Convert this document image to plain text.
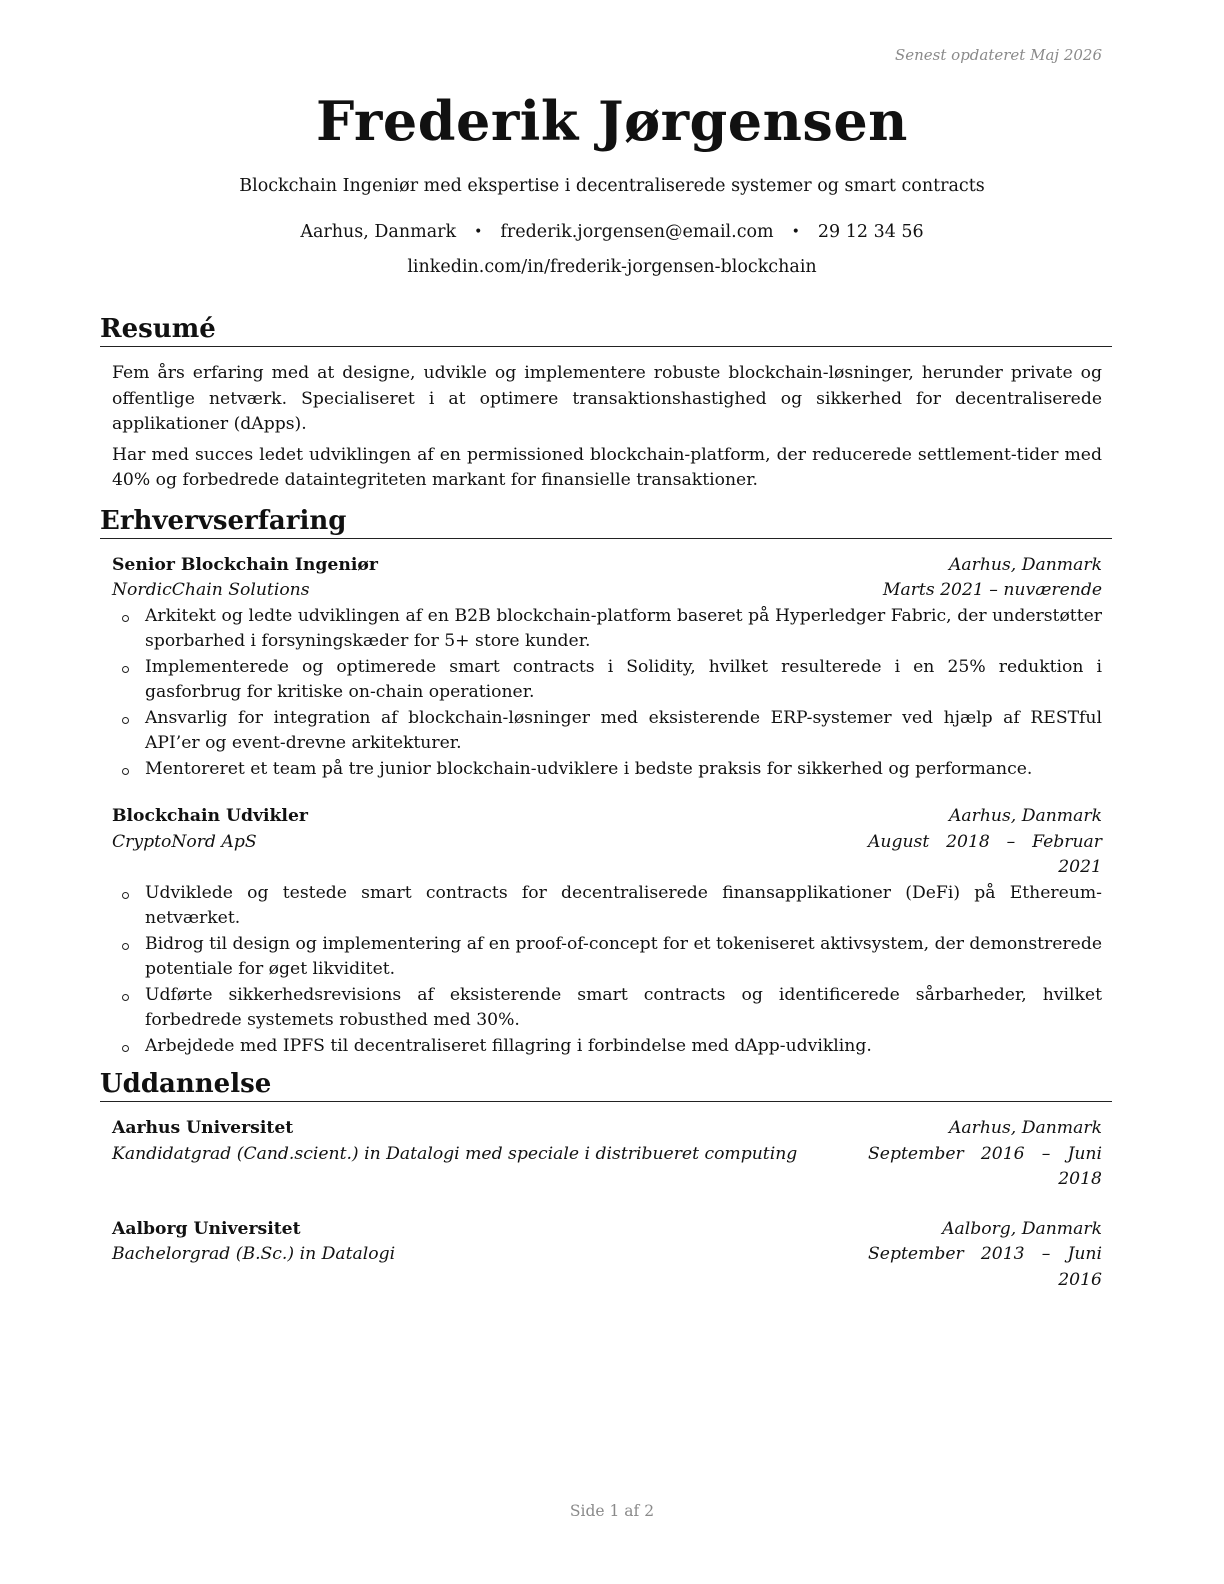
Senest opdateret Maj 2026
Frederik Jørgensen
Blockchain Ingeniør med ekspertise i decentraliserede systemer og smart contracts
Aarhus, Danmark • frederik.jorgensen@email.com • 29 12 34 56
linkedin.com/in/frederik-jorgensen-blockchain
Resumé

Fem års erfaring med at designe, udvikle og implementere robuste blockchain-løsninger, herunder private og offentlige netværk. Specialiseret i at optimere transaktionshastighed og sikkerhed for decentraliserede applikationer (dApps).

Har med succes ledet udviklingen af en permissioned blockchain-platform, der reducerede settlement-tider med 40% og forbedrede dataintegriteten markant for finansielle transaktioner.

Erhvervserfaring
Senior Blockchain Ingeniør	Aarhus, Danmark
NordicChain Solutions	Marts 2021 – nuværende
Arkitekt og ledte udviklingen af en B2B blockchain-platform baseret på Hyperledger Fabric, der understøtter sporbarhed i forsyningskæder for 5+ store kunder.
Implementerede og optimerede smart contracts i Solidity, hvilket resulterede i en 25% reduktion i gasforbrug for kritiske on-chain operationer.
Ansvarlig for integration af blockchain-løsninger med eksisterende ERP-systemer ved hjælp af RESTful API’er og event-drevne arkitekturer.
Mentoreret et team på tre junior blockchain-udviklere i bedste praksis for sikkerhed og performance.
Blockchain Udvikler	Aarhus, Danmark
CryptoNord ApS	August 2018 – Februar 2021
Udviklede og testede smart contracts for decentraliserede finansapplikationer (DeFi) på Ethereum-netværket.
Bidrog til design og implementering af en proof-of-concept for et tokeniseret aktivsystem, der demonstrerede potentiale for øget likviditet.
Udførte sikkerhedsrevisions af eksisterende smart contracts og identificerede sårbarheder, hvilket forbedrede systemets robusthed med 30%.
Arbejdede med IPFS til decentraliseret fillagring i forbindelse med dApp-udvikling.
Uddannelse
Aarhus Universitet	Aarhus, Danmark
Kandidatgrad (Cand.scient.) in Datalogi med speciale i distribueret computing	September 2016 – Juni 2018
Aalborg Universitet	Aalborg, Danmark
Bachelorgrad (B.Sc.) in Datalogi	September 2013 – Juni 2016
Side 1 af 2
